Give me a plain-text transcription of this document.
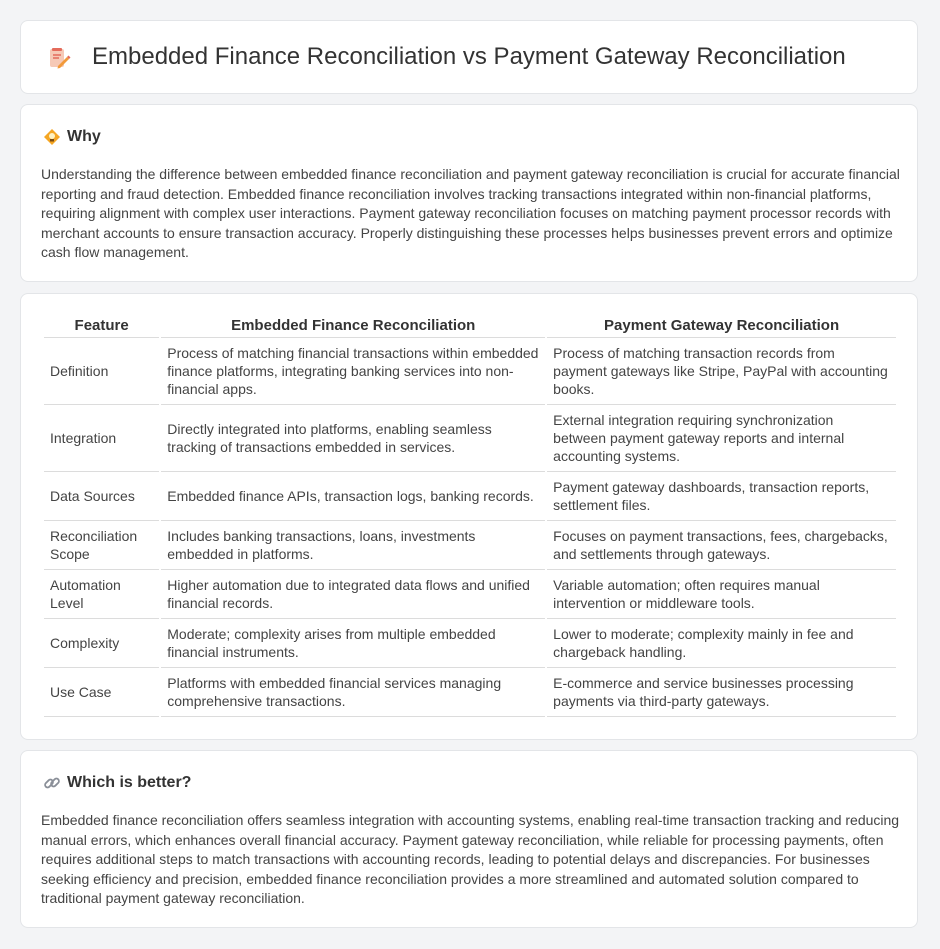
Embedded Finance Reconciliation vs Payment Gateway Reconciliation
Why

Understanding the difference between embedded finance reconciliation and payment gateway reconciliation is crucial for accurate financial reporting and fraud detection. Embedded finance reconciliation involves tracking transactions integrated within non-financial platforms, requiring alignment with complex user interactions. Payment gateway reconciliation focuses on matching payment processor records with merchant accounts to ensure transaction accuracy. Properly distinguishing these processes helps businesses prevent errors and optimize cash flow management.

Feature	Embedded Finance Reconciliation	Payment Gateway Reconciliation
Definition	Process of matching financial transactions within embedded finance platforms, integrating banking services into non-financial apps.	Process of matching transaction records from payment gateways like Stripe, PayPal with accounting books.
Integration	Directly integrated into platforms, enabling seamless tracking of transactions embedded in services.	External integration requiring synchronization between payment gateway reports and internal accounting systems.
Data Sources	Embedded finance APIs, transaction logs, banking records.	Payment gateway dashboards, transaction reports, settlement files.
Reconciliation Scope	Includes banking transactions, loans, investments embedded in platforms.	Focuses on payment transactions, fees, chargebacks, and settlements through gateways.
Automation Level	Higher automation due to integrated data flows and unified financial records.	Variable automation; often requires manual intervention or middleware tools.
Complexity	Moderate; complexity arises from multiple embedded financial instruments.	Lower to moderate; complexity mainly in fee and chargeback handling.
Use Case	Platforms with embedded financial services managing comprehensive transactions.	E-commerce and service businesses processing payments via third-party gateways.
Which is better?

Embedded finance reconciliation offers seamless integration with accounting systems, enabling real-time transaction tracking and reducing manual errors, which enhances overall financial accuracy. Payment gateway reconciliation, while reliable for processing payments, often requires additional steps to match transactions with accounting records, leading to potential delays and discrepancies. For businesses seeking efficiency and precision, embedded finance reconciliation provides a more streamlined and automated solution compared to traditional payment gateway reconciliation.
